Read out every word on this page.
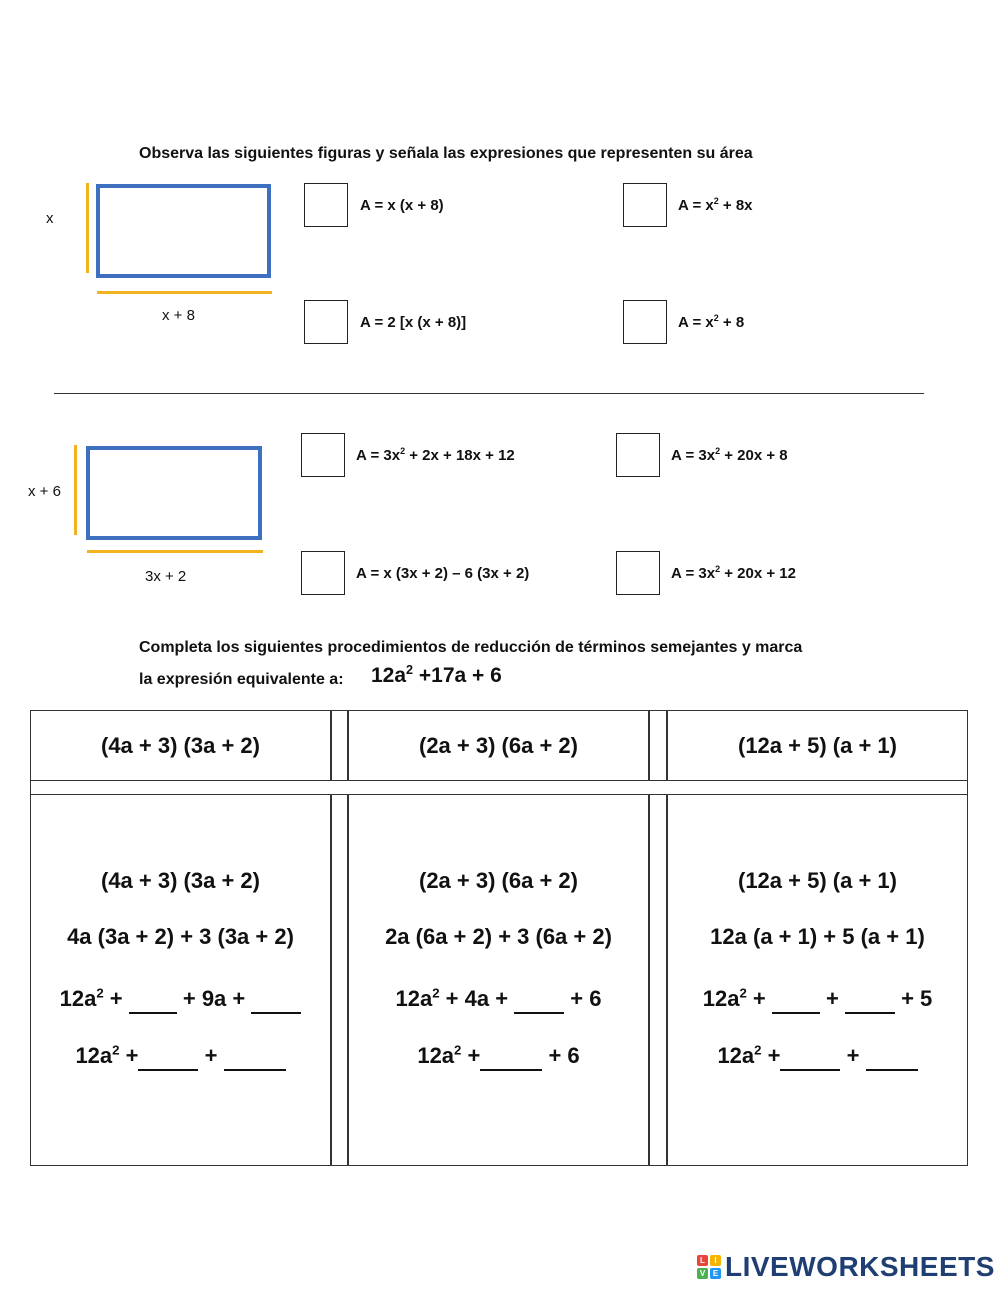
Observa las siguientes figuras y señala las expresiones que representen su área
x
x + 8
A = x (x + 8)	$A = x^2 + 8x$
A = 2 [x (x + 8)]	$A = x^2 + 8$
x + 6
3x + 2
$A = 3x^2 + 2x + 18x + 12$	$A = 3x^2 + 20x + 8$
A = x (3x + 2) – 6 (3x + 2)	$A = 3x^2 + 20x + 12$
Completa los siguientes procedimientos de reducción de términos semejantes y marca
la expresión equivalente a: $12a^2 +17a + 6$
(4a + 3) (3a + 2)	(2a + 3) (6a + 2)	(12a + 5) (a + 1)
(4a + 3) (3a + 2)
4a (3a + 2) + 3 (3a + 2)
$12a^2$ +  + 9a +
$12a^2$ +	+
(2a + 3) (6a + 2)
2a (6a + 2) + 3 (6a + 2)
$12a^2 + 4a$ +  + 6
$12a^2$ +	+ 6
(12a + 5) (a + 1)
12a (a + 1) + 5 (a + 1)
$12a^2$ +  +  + 5
$12a^2$ +	+
L	I
V E LIVEWORKSHEETS
